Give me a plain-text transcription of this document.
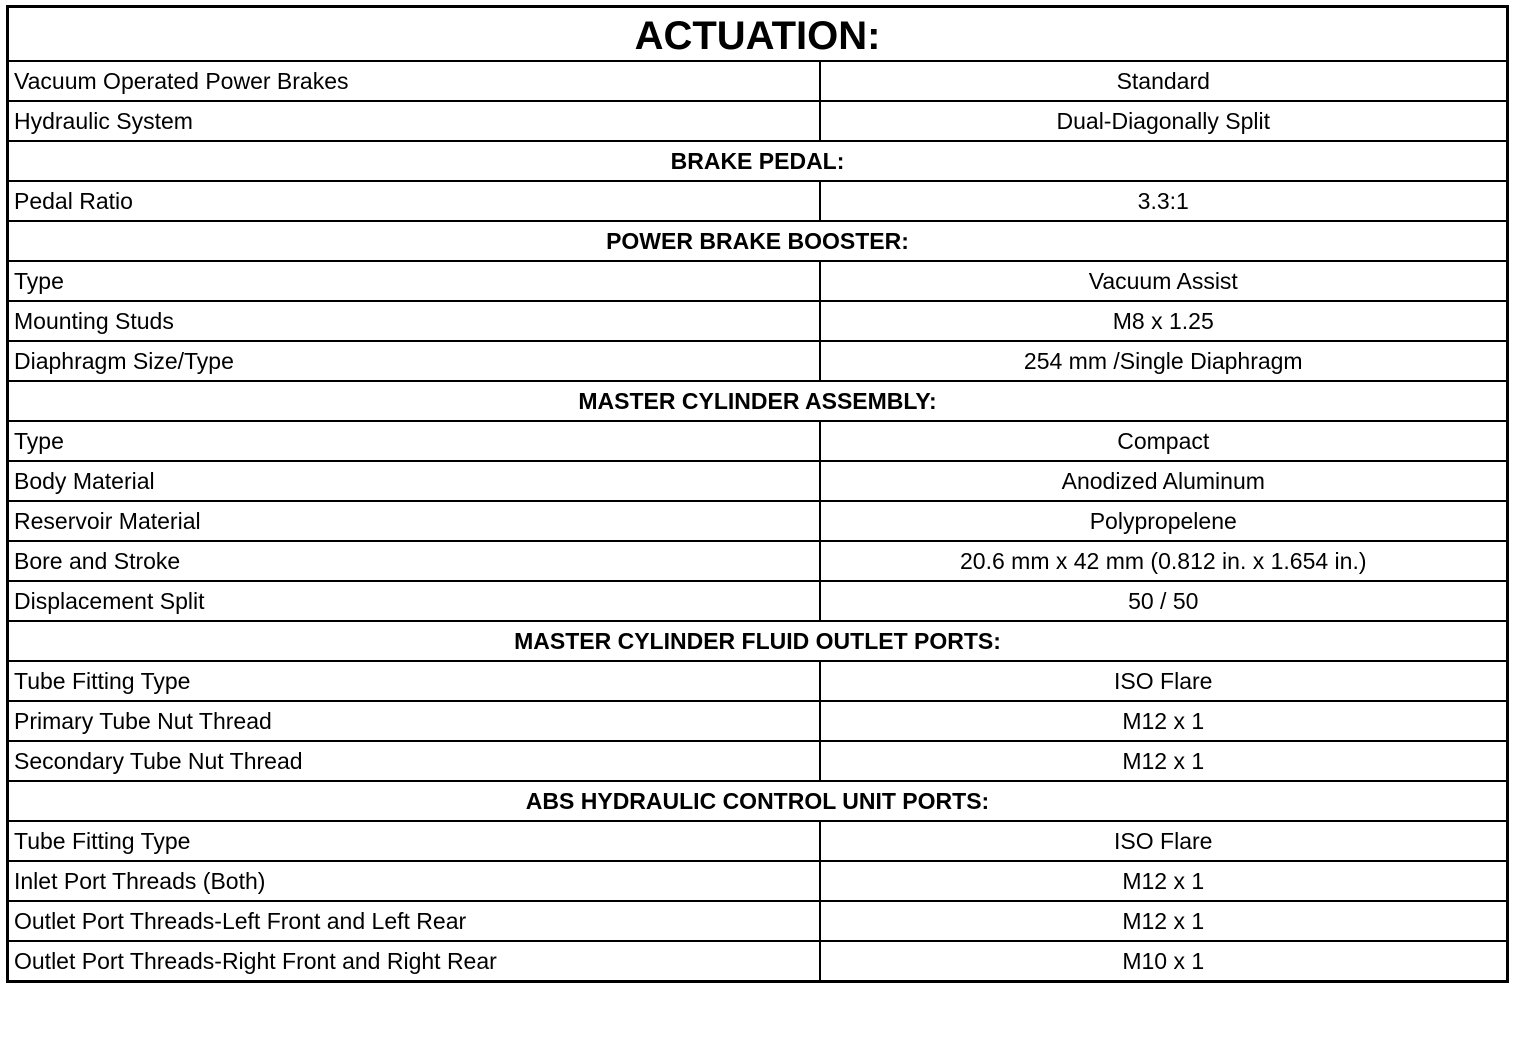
ACTUATION:	
Vacuum Operated Power Brakes	Standard
Hydraulic System	Dual-Diagonally Split
BRAKE PEDAL:	
Pedal Ratio	3.3:1
POWER BRAKE BOOSTER:	
Type	Vacuum Assist
Mounting Studs	M8 x 1.25
Diaphragm Size/Type	254 mm /Single Diaphragm
MASTER CYLINDER ASSEMBLY:	
Type	Compact
Body Material	Anodized Aluminum
Reservoir Material	Polypropelene
Bore and Stroke	20.6 mm x 42 mm (0.812 in. x 1.654 in.)
Displacement Split	50 / 50
MASTER CYLINDER FLUID OUTLET PORTS:	
Tube Fitting Type	ISO Flare
Primary Tube Nut Thread	M12 x 1
Secondary Tube Nut Thread	M12 x 1
ABS HYDRAULIC CONTROL UNIT PORTS:	
Tube Fitting Type	ISO Flare
Inlet Port Threads (Both)	M12 x 1
Outlet Port Threads-Left Front and Left Rear	M12 x 1
Outlet Port Threads-Right Front and Right Rear	M10 x 1
